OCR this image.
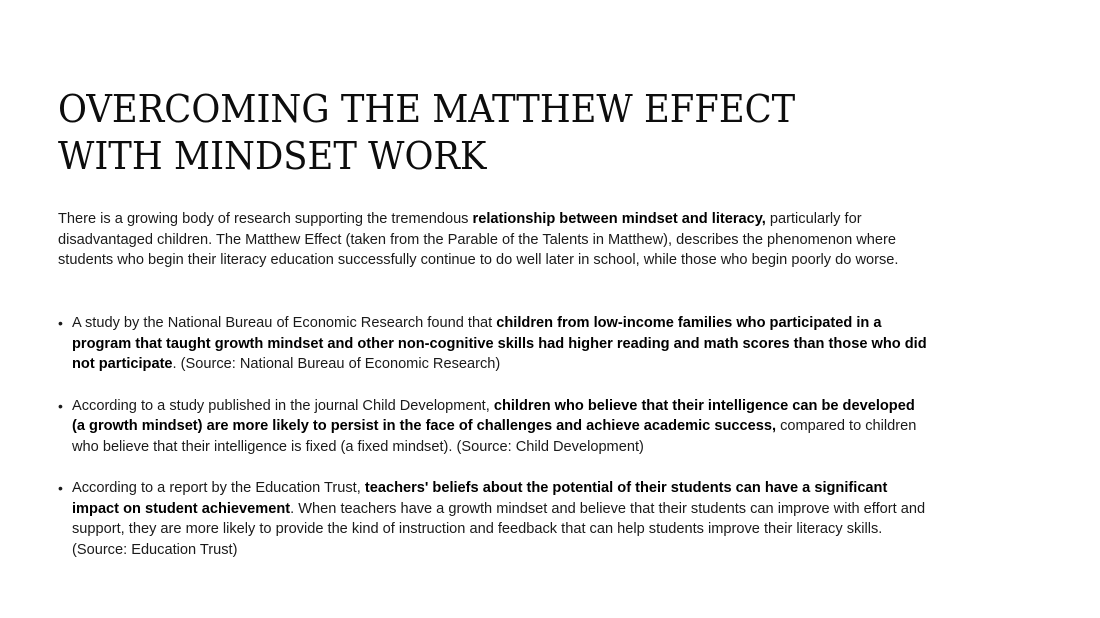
OVERCOMING THE MATTHEW EFFECT
WITH MINDSET WORK

There is a growing body of research supporting the tremendous relationship between mindset and literacy, particularly for disadvantaged children. The Matthew Effect (taken from the Parable of the Talents in Matthew), describes the phenomenon where students who begin their literacy education successfully continue to do well later in school, while those who begin poorly do worse.

• A study by the National Bureau of Economic Research found that children from low-income families who participated in a program that taught growth mindset and other non-cognitive skills had higher reading and math scores than those who did not participate. (Source: National Bureau of Economic Research)
• According to a study published in the journal Child Development, children who believe that their intelligence can be developed (a growth mindset) are more likely to persist in the face of challenges and achieve academic success, compared to children who believe that their intelligence is fixed (a fixed mindset). (Source: Child Development)
• According to a report by the Education Trust, teachers' beliefs about the potential of their students can have a significant impact on student achievement. When teachers have a growth mindset and believe that their students can improve with effort and support, they are more likely to provide the kind of instruction and feedback that can help students improve their literacy skills. (Source: Education Trust)
